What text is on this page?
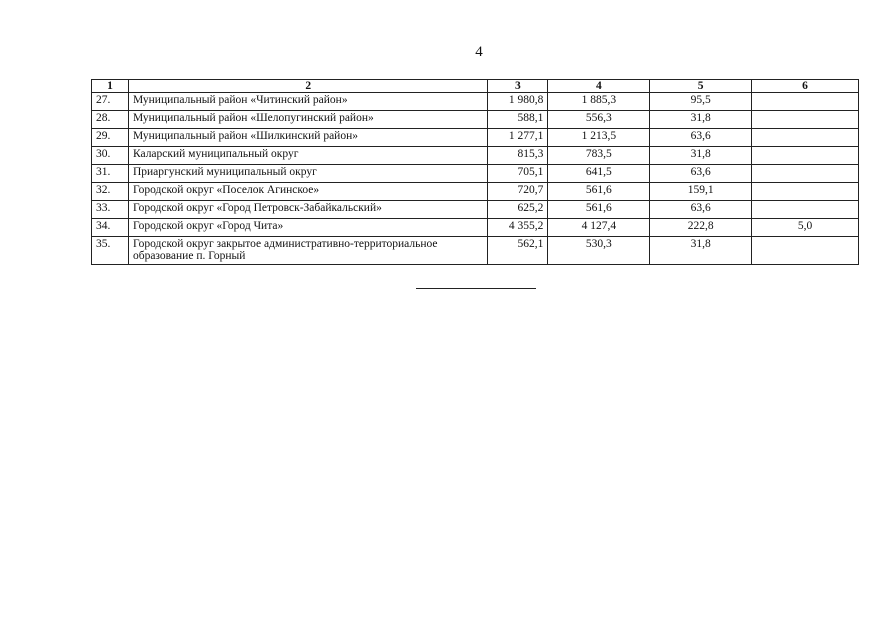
4
1	2	3	4	5	6
27.	Муниципальный район «Читинский район»	1 980,8	1 885,3	95,5	
28.	Муниципальный район «Шелопугинский район»	588,1	556,3	31,8	
29.	Муниципальный район «Шилкинский район»	1 277,1	1 213,5	63,6	
30.	Каларский муниципальный округ	815,3	783,5	31,8	
31.	Приаргунский муниципальный округ	705,1	641,5	63,6	
32.	Городской округ «Поселок Агинское»	720,7	561,6	159,1	
33.	Городской округ «Город Петровск-Забайкальский»	625,2	561,6	63,6	
34.	Городской округ «Город Чита»	4 355,2	4 127,4	222,8	5,0
35.	Городской округ закрытое административно-территориальное образование п. Горный	562,1	530,3	31,8	
